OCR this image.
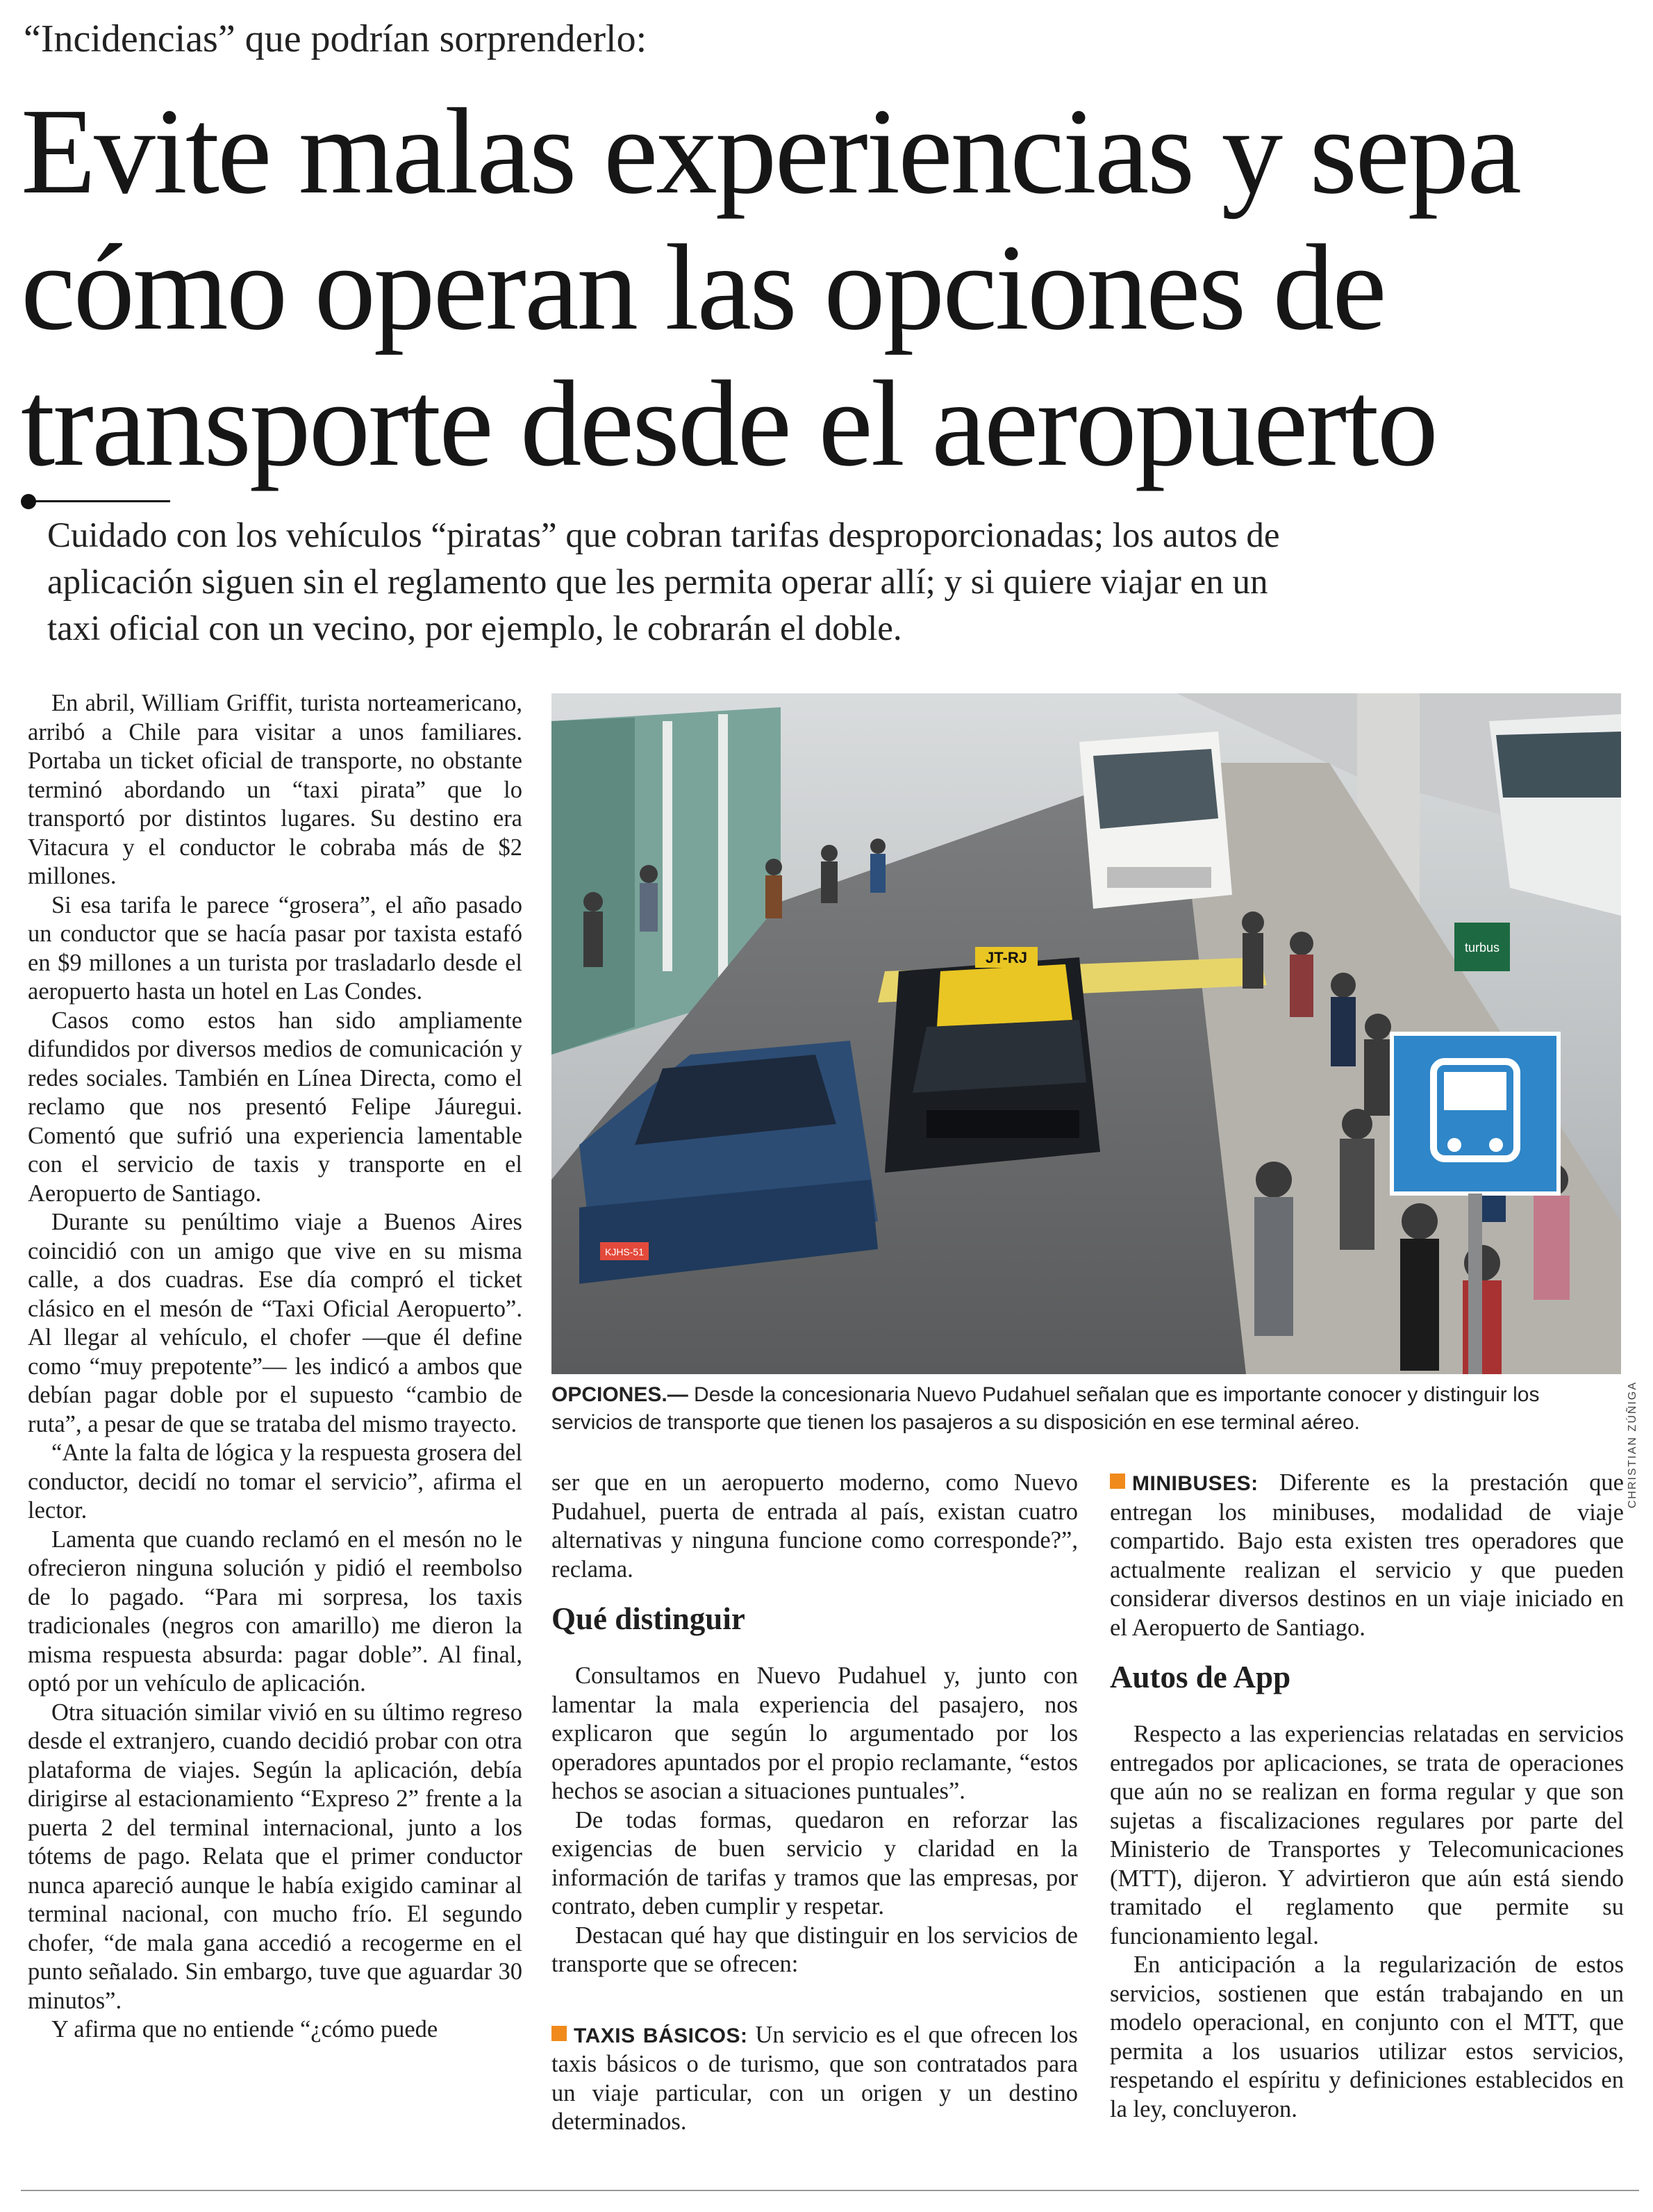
“Incidencias” que podrían sorprenderlo:
Evite malas experiencias y sepa
cómo operan las opciones de
transporte desde el aeropuerto
Cuidado con los vehículos “piratas” que cobran tarifas desproporcionadas; los autos de
aplicación siguen sin el reglamento que les permita operar allí; y si quiere viajar en un
taxi oficial con un vecino, por ejemplo, le cobrarán el doble.

En abril, William Griffit, turista norteamericano, arribó a Chile para visitar a unos familiares. Portaba un ticket oficial de transporte, no obstante terminó abordando un “taxi pirata” que lo transportó por distintos lugares. Su destino era Vitacura y el conductor le cobraba más de $2 millones.

Si esa tarifa le parece “grosera”, el año pasado un conductor que se hacía pasar por taxista estafó en $9 millones a un turista por trasladarlo desde el aeropuerto hasta un hotel en Las Condes.

Casos como estos han sido ampliamente difundidos por diversos medios de comunicación y redes sociales. También en Línea Directa, como el reclamo que nos presentó Felipe Jáuregui. Comentó que sufrió una experiencia lamentable con el servicio de taxis y transporte en el Aeropuerto de Santiago.

Durante su penúltimo viaje a Buenos Aires coincidió con un amigo que vive en su misma calle, a dos cuadras. Ese día compró el ticket clásico en el mesón de “Taxi Oficial Aeropuerto”. Al llegar al vehículo, el chofer —que él define como “muy prepotente”— les indicó a ambos que debían pagar doble por el supuesto “cambio de ruta”, a pesar de que se trataba del mismo trayecto.

“Ante la falta de lógica y la respuesta grosera del conductor, decidí no tomar el servicio”, afirma el lector.

Lamenta que cuando reclamó en el mesón no le ofrecieron ninguna solución y pidió el reembolso de lo pagado. “Para mi sorpresa, los taxis tradicionales (negros con amarillo) me dieron la misma respuesta absurda: pagar doble”. Al final, optó por un vehículo de aplicación.

Otra situación similar vivió en su último regreso desde el extranjero, cuando decidió probar con otra plataforma de viajes. Según la aplicación, debía dirigirse al estacionamiento “Expreso 2” frente a la puerta 2 del terminal internacional, junto a los tótems de pago. Relata que el primer conductor nunca apareció aunque le había exigido caminar al terminal nacional, con mucho frío. El segundo chofer, “de mala gana accedió a recogerme en el punto señalado. Sin embargo, tuve que aguardar 30 minutos”.

Y afirma que no entiende “¿cómo puede

JT-RJ
KJHS-51
turbus
CHRISTIAN ZÚÑIGA
OPCIONES.— Desde la concesionaria Nuevo Pudahuel señalan que es importante conocer y distinguir los servicios de transporte que tienen los pasajeros a su disposición en ese terminal aéreo.

ser que en un aeropuerto moderno, como Nuevo Pudahuel, puerta de entrada al país, existan cuatro alternativas y ninguna funcione como corresponde?”, reclama.

Qué distinguir

Consultamos en Nuevo Pudahuel y, junto con lamentar la mala experiencia del pasajero, nos explicaron que según lo argumentado por los operadores apuntados por el propio reclamante, “estos hechos se asocian a situaciones puntuales”.

De todas formas, quedaron en reforzar las exigencias de buen servicio y claridad en la información de tarifas y tramos que las empresas, por contrato, deben cumplir y respetar.

Destacan qué hay que distinguir en los servicios de transporte que se ofrecen:

TAXIS BÁSICOS: Un servicio es el que ofrecen los taxis básicos o de turismo, que son contratados para un viaje particular, con un origen y un destino determinados.

MINIBUSES: Diferente es la prestación que entregan los minibuses, modalidad de viaje compartido. Bajo esta existen tres operadores que actualmente realizan el servicio y que pueden considerar diversos destinos en un viaje iniciado en el Aeropuerto de Santiago.

Autos de App

Respecto a las experiencias relatadas en servicios entregados por aplicaciones, se trata de operaciones que aún no se realizan en forma regular y que son sujetas a fiscalizaciones regulares por parte del Ministerio de Transportes y Telecomunicaciones (MTT), dijeron. Y advirtieron que aún está siendo tramitado el reglamento que permite su funcionamiento legal.

En anticipación a la regularización de estos servicios, sostienen que están trabajando en un modelo operacional, en conjunto con el MTT, que permita a los usuarios utilizar estos servicios, respetando el espíritu y definiciones establecidos en la ley, concluyeron.
